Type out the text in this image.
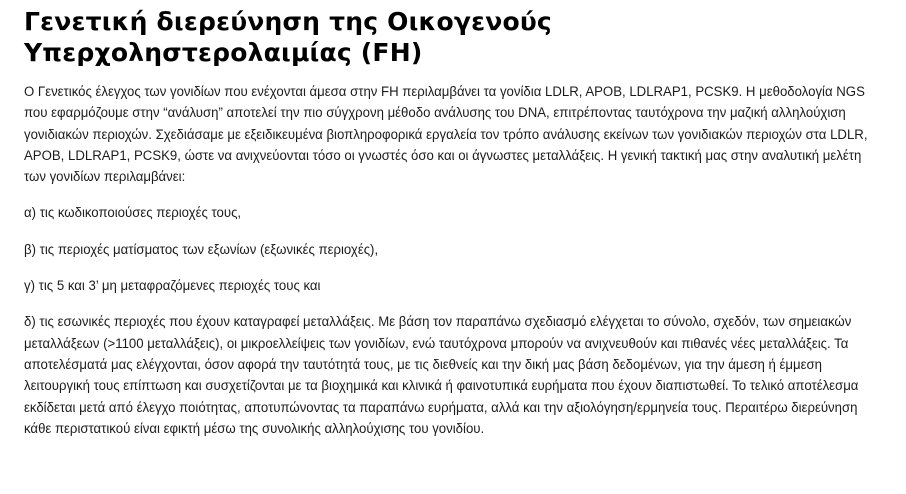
Γενετική διερεύνηση της Οικογενούς
Υπερχοληστερολαιμίας (FH)

Ο Γενετικός έλεγχος των γονιδίων που ενέχονται άμεσα στην FH περιλαμβάνει τα γονίδια LDLR, APOB, LDLRAP1, PCSK9. Η μεθοδολογία NGS που εφαρμόζουμε στην “ανάλυση” αποτελεί την πιο σύγχρονη μέθοδο ανάλυσης του DNA, επιτρέποντας ταυτόχρονα την μαζική αλληλούχιση γονιδιακών περιοχών. Σχεδιάσαμε με εξειδικευμένα βιοπληροφορικά εργαλεία τον τρόπο ανάλυσης εκείνων των γονιδιακών περιοχών στα LDLR, APOB, LDLRAP1, PCSK9, ώστε να ανιχνεύονται τόσο οι γνωστές όσο και οι άγνωστες μεταλλάξεις. Η γενική τακτική μας στην αναλυτική μελέτη των γονιδίων περιλαμβάνει:

α) τις κωδικοποιούσες περιοχές τους,

β) τις περιοχές ματίσματος των εξωνίων (εξωνικές περιοχές),

γ) τις 5 και 3’ μη μεταφραζόμενες περιοχές τους και

δ) τις εσωνικές περιοχές που έχουν καταγραφεί μεταλλάξεις. Με βάση τον παραπάνω σχεδιασμό ελέγχεται το σύνολο, σχεδόν, των σημειακών μεταλλάξεων (>1100 μεταλλάξεις), οι μικροελλείψεις των γονιδίων, ενώ ταυτόχρονα μπορούν να ανιχνευθούν και πιθανές νέες μεταλλάξεις. Τα αποτελέσματά μας ελέγχονται, όσον αφορά την ταυτότητά τους, με τις διεθνείς και την δική μας βάση δεδομένων, για την άμεση ή έμμεση λειτουργική τους επίπτωση και συσχετίζονται με τα βιοχημικά και κλινικά ή φαινοτυπικά ευρήματα που έχουν διαπιστωθεί. Το τελικό αποτέλεσμα εκδίδεται μετά από έλεγχο ποιότητας, αποτυπώνοντας τα παραπάνω ευρήματα, αλλά και την αξιολόγηση/ερμηνεία τους. Περαιτέρω διερεύνηση κάθε περιστατικού είναι εφικτή μέσω της συνολικής αλληλούχισης του γονιδίου.
